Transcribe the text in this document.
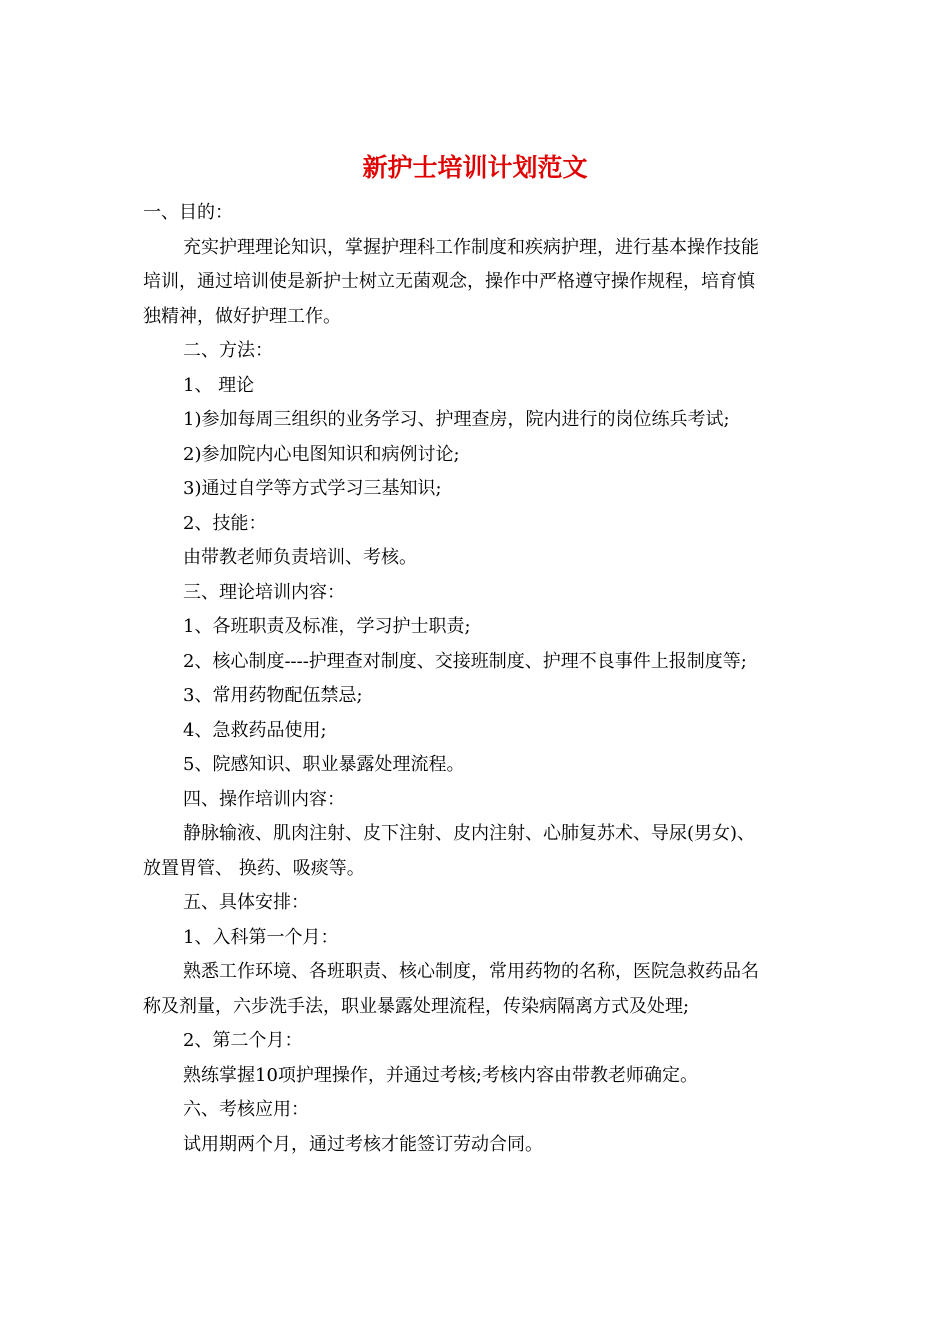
新护士培训计划范文

一、目的：

充实护理理论知识，掌握护理科工作制度和疾病护理，进行基本操作技能

培训，通过培训使是新护士树立无菌观念，操作中严格遵守操作规程，培育慎

独精神，做好护理工作。

二、方法：

1、 理论

1)参加每周三组织的业务学习、护理查房，院内进行的岗位练兵考试;

2)参加院内心电图知识和病例讨论;

3)通过自学等方式学习三基知识;

2、技能：

由带教老师负责培训、考核。

三、理论培训内容：

1、各班职责及标准，学习护士职责;

2、核心制度----护理查对制度、交接班制度、护理不良事件上报制度等;

3、常用药物配伍禁忌;

4、急救药品使用;

5、院感知识、职业暴露处理流程。

四、操作培训内容：

静脉输液、肌肉注射、皮下注射、皮内注射、心肺复苏术、导尿(男女)、

放置胃管、 换药、吸痰等。

五、具体安排：

1、入科第一个月：

熟悉工作环境、各班职责、核心制度，常用药物的名称，医院急救药品名

称及剂量，六步洗手法，职业暴露处理流程，传染病隔离方式及处理;

2、第二个月：

熟练掌握10项护理操作，并通过考核;考核内容由带教老师确定。

六、考核应用：

试用期两个月，通过考核才能签订劳动合同。
